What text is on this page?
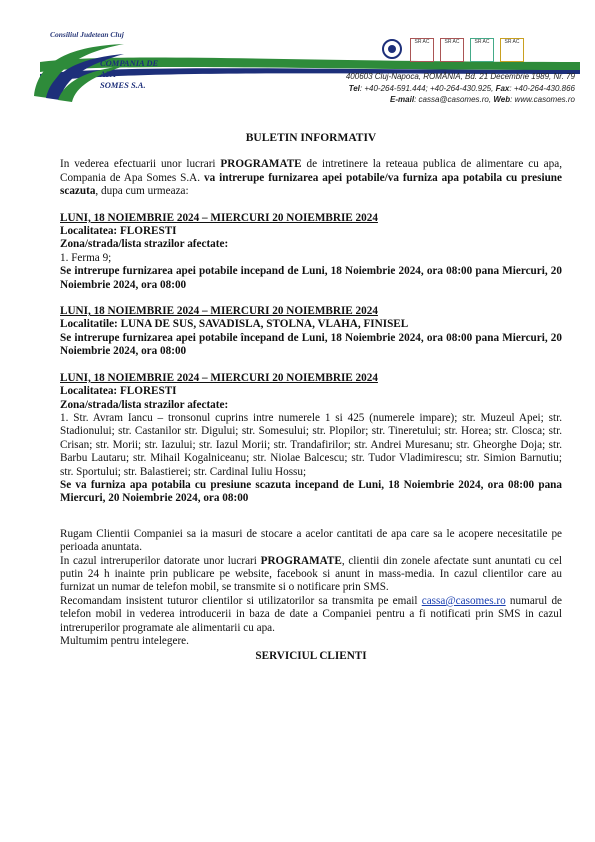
Consiliul Judetean Cluj
COMPANIA DE APA
SOMES S.A.
SR AC	SR AC	SR AC	SR AC
400603 Cluj-Napoca, ROMÂNIA, Bd. 21 Decembrie 1989, Nr. 79
Tel: +40-264-591.444; +40-264-430.925, Fax: +40-264-430.866
E-mail: cassa@casomes.ro, Web: www.casomes.ro
BULETIN INFORMATIV

In vederea efectuarii unor lucrari PROGRAMATE de intretinere la reteaua publica de alimentare cu apa, Compania de Apa Somes S.A. va intrerupe furnizarea apei potabile/va furniza apa potabila cu presiune scazuta, dupa cum urmeaza:

LUNI, 18 NOIEMBRIE 2024 – MIERCURI 20 NOIEMBRIE 2024

Localitatea: FLORESTI

Zona/strada/lista strazilor afectate:

1. Ferma 9;

Se intrerupe furnizarea apei potabile incepand de Luni, 18 Noiembrie 2024, ora 08:00 pana Miercuri, 20 Noiembrie 2024, ora 08:00

LUNI, 18 NOIEMBRIE 2024 – MIERCURI 20 NOIEMBRIE 2024

Localitatile: LUNA DE SUS, SAVADISLA, STOLNA, VLAHA, FINISEL

Se intrerupe furnizarea apei potabile începand de Luni, 18 Noiembrie 2024, ora 08:00 pana Miercuri, 20 Noiembrie 2024, ora 08:00

LUNI, 18 NOIEMBRIE 2024 – MIERCURI 20 NOIEMBRIE 2024

Localitatea: FLORESTI

Zona/strada/lista strazilor afectate:

1. Str. Avram Iancu – tronsonul cuprins intre numerele 1 si 425 (numerele impare); str. Muzeul Apei; str. Stadionului; str. Castanilor str. Digului; str. Somesului; str. Plopilor; str. Tineretului; str. Horea; str. Closca; str. Crisan; str. Morii; str. Iazului; str. Iazul Morii; str. Trandafirilor; str. Andrei Muresanu; str. Gheorghe Doja; str. Barbu Lautaru; str. Mihail Kogalniceanu; str. Niolae Balcescu; str. Tudor Vladimirescu; str. Simion Barnutiu; str. Sportului; str. Balastierei; str. Cardinal Iuliu Hossu;

Se va furniza apa potabila cu presiune scazuta incepand de Luni, 18 Noiembrie 2024, ora 08:00 pana Miercuri, 20 Noiembrie 2024, ora 08:00

Rugam Clientii Companiei sa ia masuri de stocare a acelor cantitati de apa care sa le acopere necesitatile pe perioada anuntata.

In cazul intreruperilor datorate unor lucrari PROGRAMATE, clientii din zonele afectate sunt anuntati cu cel putin 24 h inainte prin publicare pe website, facebook si anunt in mass-media. In cazul clientilor care au furnizat un numar de telefon mobil, se transmite si o notificare prin SMS.

Recomandam insistent tuturor clientilor si utilizatorilor sa transmita pe email cassa@casomes.ro numarul de telefon mobil in vederea introducerii in baza de date a Companiei pentru a fi notificati prin SMS in cazul intreruperilor programate ale alimentarii cu apa.

Multumim pentru intelegere.

SERVICIUL CLIENTI
